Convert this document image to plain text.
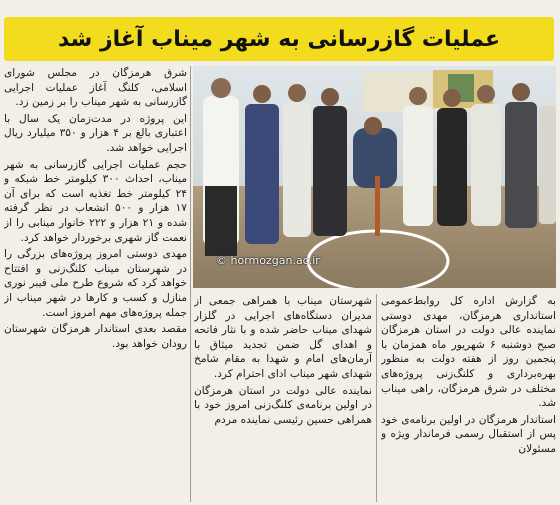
عملیات گازرسانی به شهر میناب آغاز شد

شرق هرمزگان در مجلس شورای اسلامی، کلنگ آغاز عملیات اجرایی گازرسانی به شهر میناب را بر زمین زد.

این پروژه در مدت‌زمان یک سال با اعتباری بالغ بر ۴ هزار و ۳۵۰ میلیارد ریال اجرایی خواهد شد.

حجم عملیات اجرایی گازرسانی به شهر میناب، احداث ۳۰۰ کیلومتر خط شبکه و ۲۴ کیلومتر خط تغذیه است که برای آن ۱۷ هزار و ۵۰۰ انشعاب در نظر گرفته شده و ۲۱ هزار و ۲۲۲ خانوار مینابی را از نعمت گاز شهری برخوردار خواهد کرد.

مهدی دوستی امروز پروژه‌های بزرگی را در شهرستان میناب کلنگ‌زنی و افتتاح خواهد کرد که شروع طرح ملی فیبر نوری منازل و کسب و کارها در شهر میناب از جمله پروژه‌های مهم امروز است.

مقصد بعدی استاندار هرمزگان شهرستان رودان خواهد بود.

© hormozgan.ac.ir

شهرستان میناب با همراهی جمعی از مدیران دستگاه‌های اجرایی در گلزار شهدای میناب حاضر شده و با نثار فاتحه و اهدای گل ضمن تجدید میثاق با آرمان‌های امام و شهدا به مقام شامخ شهدای شهر میناب ادای احترام کرد.

نماینده عالی دولت در استان هرمزگان در اولین برنامه‌ی کلنگ‌زنی امروز خود با همراهی حسین رئیسی نماینده مردم

به گزارش اداره کل روابط‌عمومی استانداری هرمزگان، مهدی دوستی نماینده عالی دولت در استان هرمزگان صبح دوشنبه ۶ شهریور ماه همزمان با پنجمین روز از هفته دولت به منظور بهره‌برداری و کلنگ‌زنی پروژه‌های مختلف در شرق هرمزگان، راهی میناب شد.

استاندار هرمزگان در اولین برنامه‌ی خود پس از استقبال رسمی فرماندار ویژه و مسئولان
